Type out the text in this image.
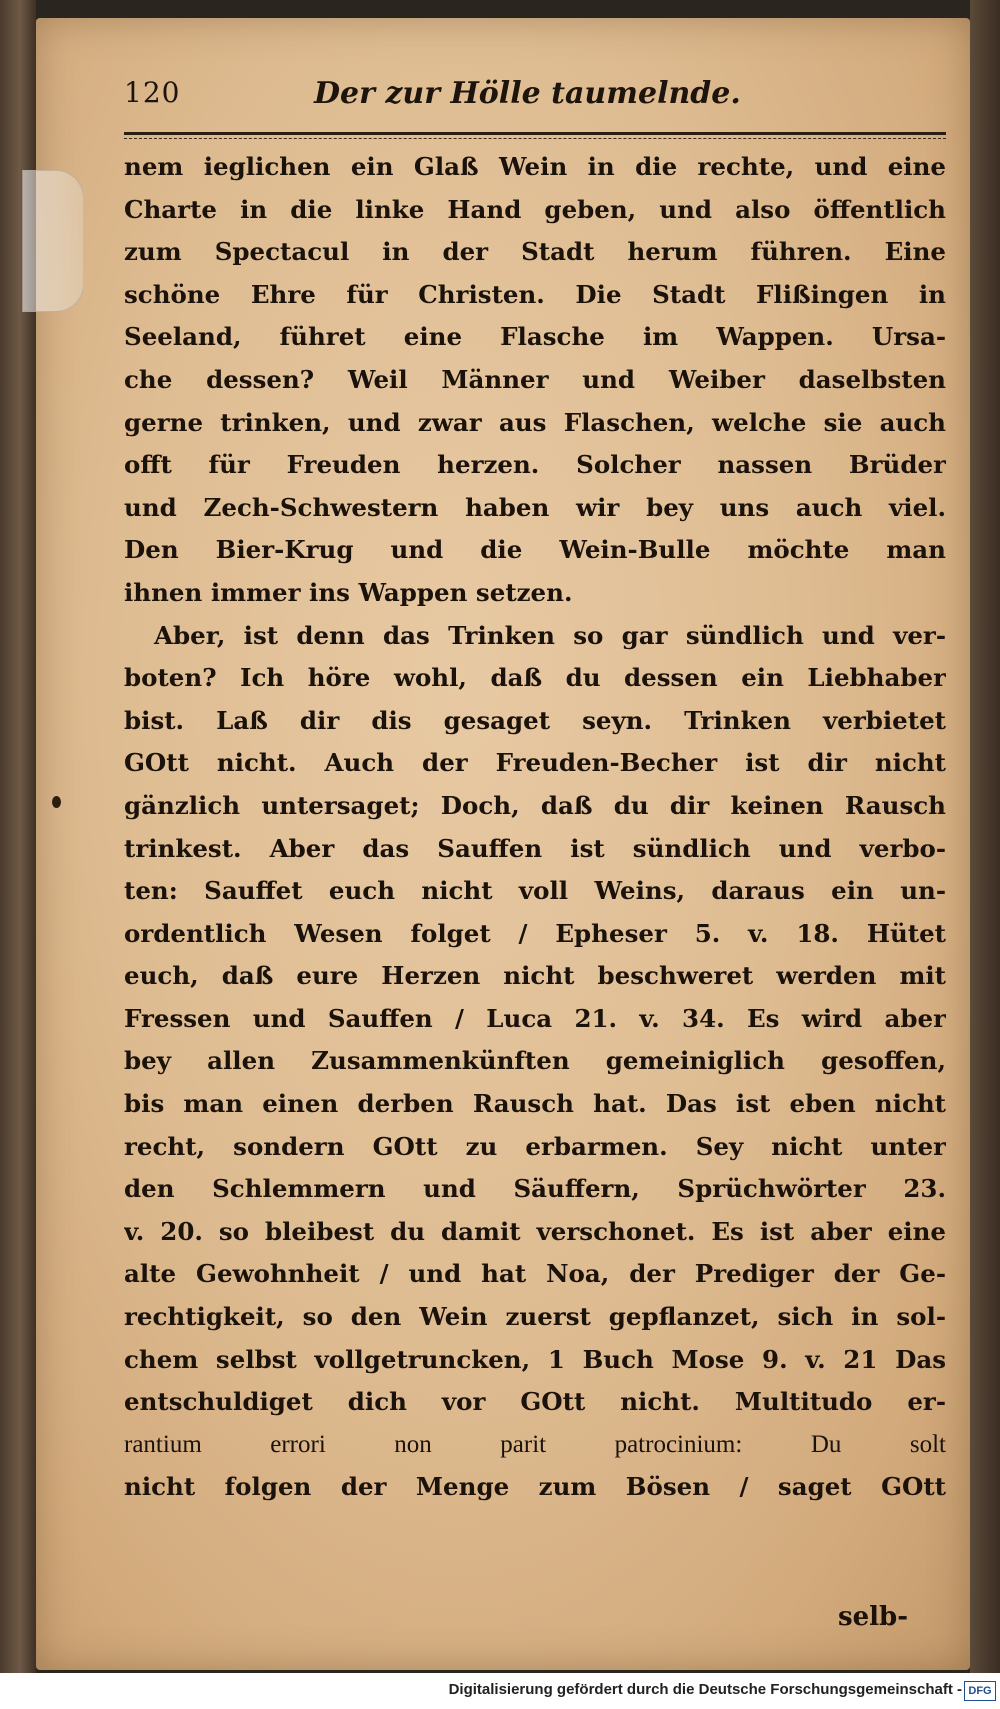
120	Der zur Hölle taumelnde.
nem ieglichen ein Glaß Wein in die rechte, und eine
Charte in die linke Hand geben, und also öffentlich
zum Spectacul in der Stadt herum führen. Eine
schöne Ehre für Christen. Die Stadt Flißingen in
Seeland, führet eine Flasche im Wappen. Ursa-
che dessen? Weil Männer und Weiber daselbsten
gerne trinken, und zwar aus Flaschen, welche sie auch
offt für Freuden herzen. Solcher nassen Brüder
und Zech-Schwestern haben wir bey uns auch viel.
Den Bier-Krug und die Wein-Bulle möchte man
ihnen immer ins Wappen setzen.
Aber, ist denn das Trinken so gar sündlich und ver-
boten? Ich höre wohl, daß du dessen ein Liebhaber
bist. Laß dir dis gesaget seyn. Trinken verbietet
GOtt nicht. Auch der Freuden-Becher ist dir nicht
gänzlich untersaget; Doch, daß du dir keinen Rausch
trinkest. Aber das Sauffen ist sündlich und verbo-
ten: Sauffet euch nicht voll Weins, daraus ein un-
ordentlich Wesen folget / Epheser 5. v. 18. Hütet
euch, daß eure Herzen nicht beschweret werden mit
Fressen und Sauffen / Luca 21. v. 34. Es wird aber
bey allen Zusammenkünften gemeiniglich gesoffen,
bis man einen derben Rausch hat. Das ist eben nicht
recht, sondern GOtt zu erbarmen. Sey nicht unter
den Schlemmern und Säuffern, Sprüchwörter 23.
v. 20. so bleibest du damit verschonet. Es ist aber eine
alte Gewohnheit / und hat Noa, der Prediger der Ge-
rechtigkeit, so den Wein zuerst gepflanzet, sich in sol-
chem selbst vollgetruncken, 1 Buch Mose 9. v. 21 Das
entschuldiget dich vor GOtt nicht. Multitudo er-
rantium errori non parit patrocinium: Du solt
nicht folgen der Menge zum Bösen / saget GOtt
selb-
Digitalisierung gefördert durch die Deutsche Forschungsgemeinschaft - DFG
